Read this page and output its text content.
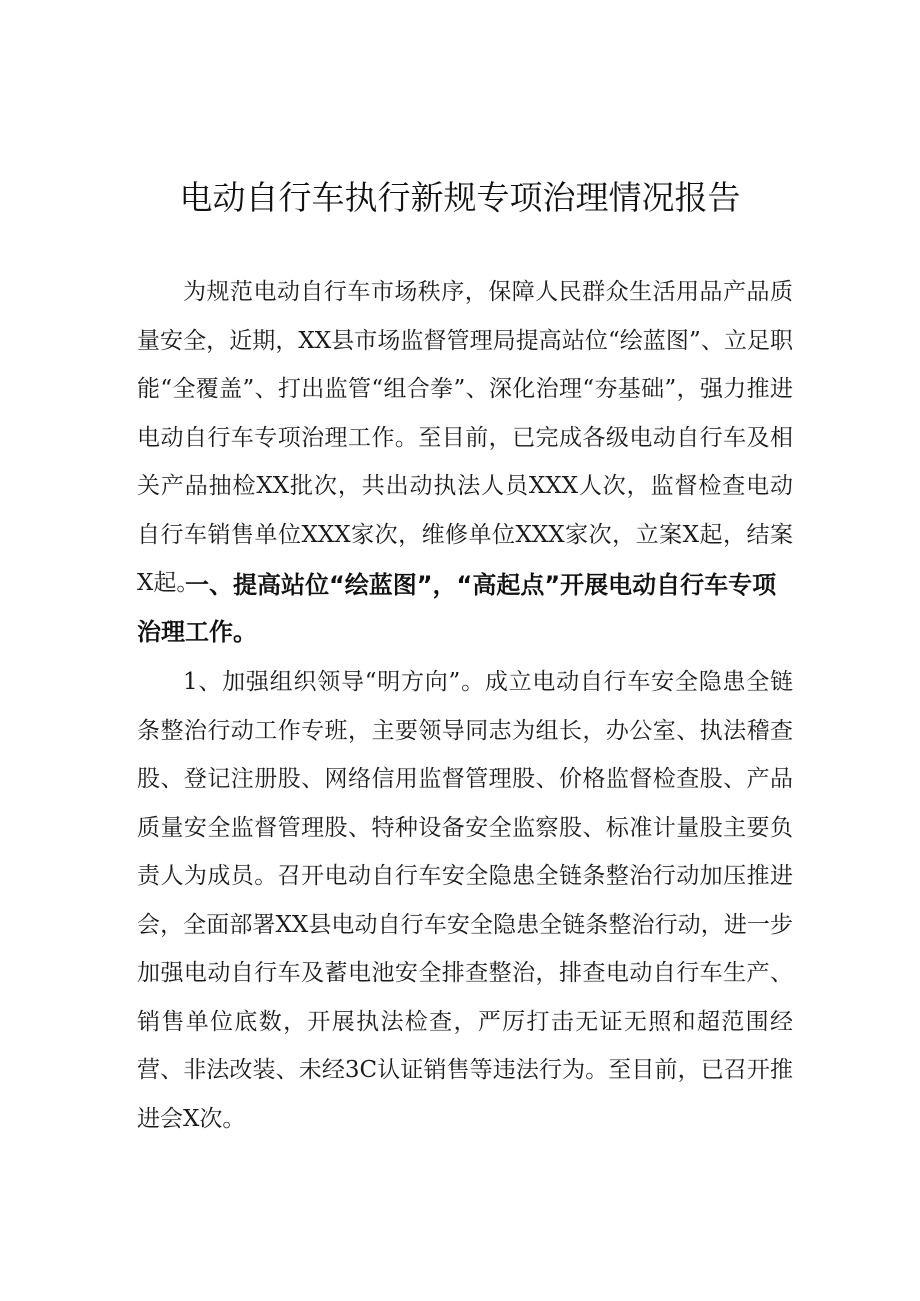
电动自行车执行新规专项治理情况报告

为规范电动自行车市场秩序，保障人民群众生活用品产品质量安全，近期，XX县市场监督管理局提高站位“绘蓝图”、立足职能“全覆盖”、打出监管“组合拳”、深化治理“夯基础”，强力推进电动自行车专项治理工作。至目前，已完成各级电动自行车及相关产品抽检XX批次，共出动执法人员XXX人次，监督检查电动自行车销售单位XXX家次，维修单位XXX家次，立案X起，结案X起。

一、提高站位“绘蓝图”，“高起点”开展电动自行车专项治理工作。

1、加强组织领导“明方向”。成立电动自行车安全隐患全链条整治行动工作专班，主要领导同志为组长，办公室、执法稽查股、登记注册股、网络信用监督管理股、价格监督检查股、产品质量安全监督管理股、特种设备安全监察股、标准计量股主要负责人为成员。召开电动自行车安全隐患全链条整治行动加压推进会，全面部署XX县电动自行车安全隐患全链条整治行动，进一步加强电动自行车及蓄电池安全排查整治，排查电动自行车生产、销售单位底数，开展执法检查，严厉打击无证无照和超范围经营、非法改装、未经3C认证销售等违法行为。至目前，已召开推进会X次。
